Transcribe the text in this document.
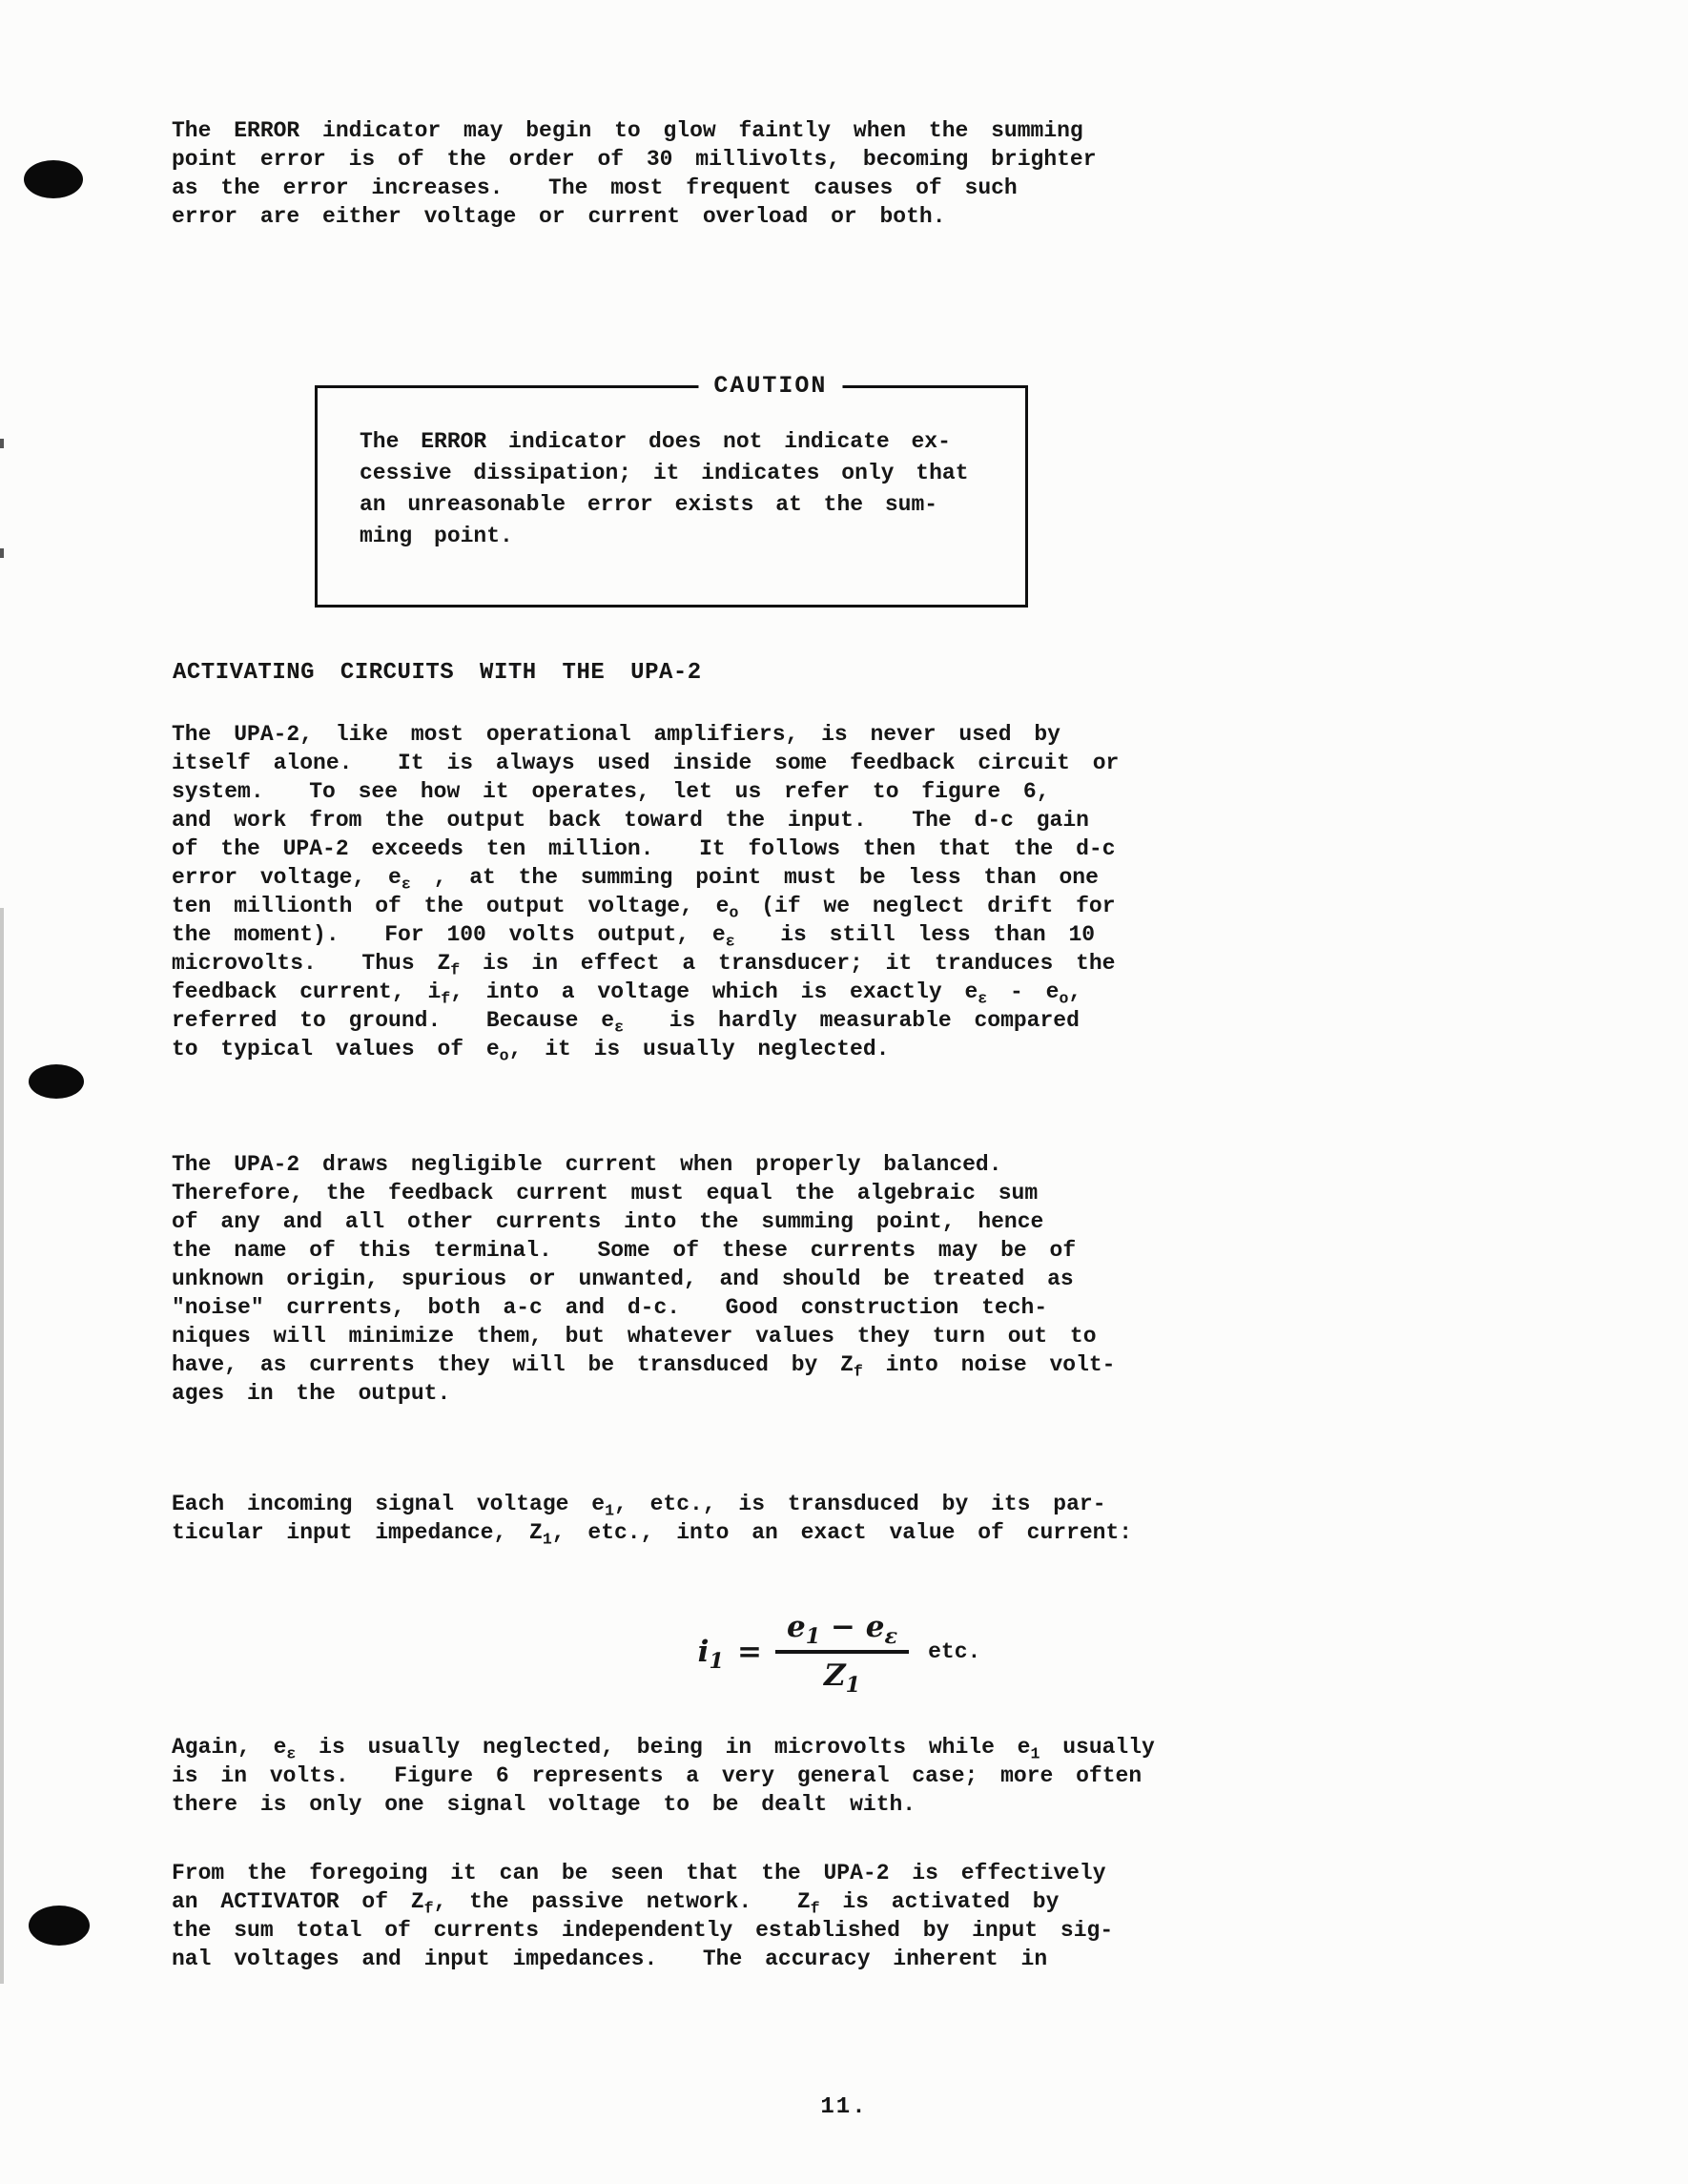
The ERROR indicator may begin to glow faintly when the summing
point error is of the order of 30 millivolts, becoming brighter
as the error increases.  The most frequent causes of such
error are either voltage or current overload or both.
CAUTION
The ERROR indicator does not indicate ex-
cessive dissipation; it indicates only that
an unreasonable error exists at the sum-
ming point.
ACTIVATING CIRCUITS WITH THE UPA-2
The UPA-2, like most operational amplifiers, is never used by
itself alone.  It is always used inside some feedback circuit or
system.  To see how it operates, let us refer to figure 6,
and work from the output back toward the input.  The d-c gain
of the UPA-2 exceeds ten million.  It follows then that the d-c
error voltage, $e_\varepsilon$ , at the summing point must be less than one
ten millionth of the output voltage, $e_o$ (if we neglect drift for
the moment).  For 100 volts output, $e_\varepsilon$  is still less than 10
microvolts.  Thus $Z_f$ is in effect a transducer; it tranduces the
feedback current, $i_f$, into a voltage which is exactly $e_\varepsilon - e_o$,
referred to ground.  Because $e_\varepsilon$  is hardly measurable compared
to typical values of $e_o$, it is usually neglected.
The UPA-2 draws negligible current when properly balanced.
Therefore, the feedback current must equal the algebraic sum
of any and all other currents into the summing point, hence
the name of this terminal.  Some of these currents may be of
unknown origin, spurious or unwanted, and should be treated as
"noise" currents, both a-c and d-c.  Good construction tech-
niques will minimize them, but whatever values they turn out to
have, as currents they will be transduced by $Z_f$ into noise volt-
ages in the output.
Each incoming signal voltage $e_1$, etc., is transduced by its par-
ticular input impedance, $Z_1$, etc., into an exact value of current:
$i_1 = \frac{e_1 - e_\varepsilon}{Z_1}$ etc.
Again, $e_\varepsilon$ is usually neglected, being in microvolts while $e_1$ usually
is in volts.  Figure 6 represents a very general case; more often
there is only one signal voltage to be dealt with.
From the foregoing it can be seen that the UPA-2 is effectively
an ACTIVATOR of $Z_f$, the passive network.  $Z_f$ is activated by
the sum total of currents independently established by input sig-
nal voltages and input impedances.  The accuracy inherent in
11.
